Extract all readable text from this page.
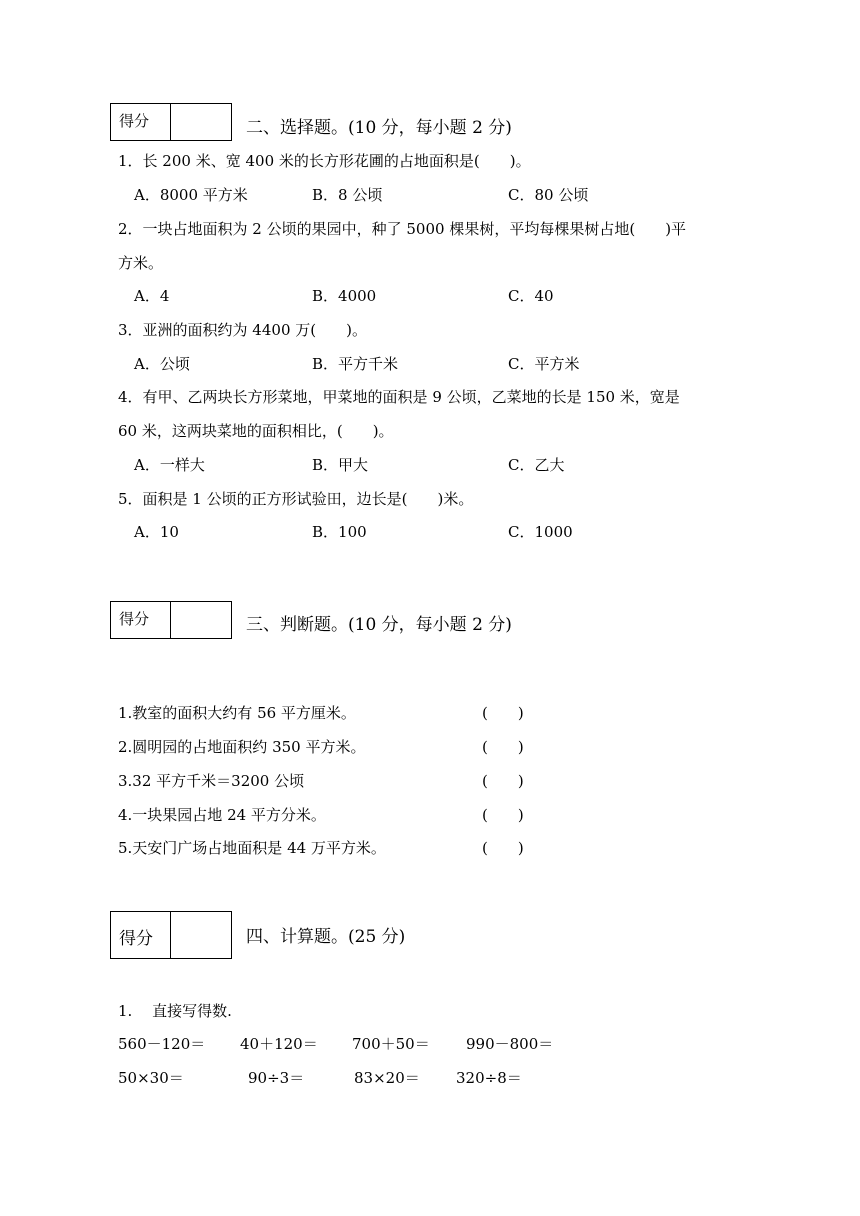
得分	二、选择题。(10 分，每小题 2 分)
1．长 200 米、宽 400 米的长方形花圃的占地面积是(　　)。
A．8000 平方米	B．8 公顷	C．80 公顷
2．一块占地面积为 2 公顷的果园中，种了 5000 棵果树，平均每棵果树占地(　　)平
方米。
A．4	B．4000	C．40
3．亚洲的面积约为 4400 万(　　)。
A．公顷	B．平方千米	C．平方米
4．有甲、乙两块长方形菜地，甲菜地的面积是 9 公顷，乙菜地的长是 150 米，宽是
60 米，这两块菜地的面积相比，(　　)。
A．一样大	B．甲大	C．乙大
5．面积是 1 公顷的正方形试验田，边长是(　　)米。
A．10	B．100	C．1000
得分	三、判断题。(10 分，每小题 2 分)
1.教室的面积大约有 56 平方厘米。	(　　)
2.圆明园的占地面积约 350 平方米。	(　　)
3.32 平方千米＝3200 公顷	(　　)
4.一块果园占地 24 平方分米。	(　　)
5.天安门广场占地面积是 44 万平方米。	(　　)
得分	四、计算题。(25 分)
1.　 直接写得数.
560－120＝ 40＋120＝ 700＋50＝ 990－800＝
50×30＝	90÷3＝	83×20＝ 320÷8＝
